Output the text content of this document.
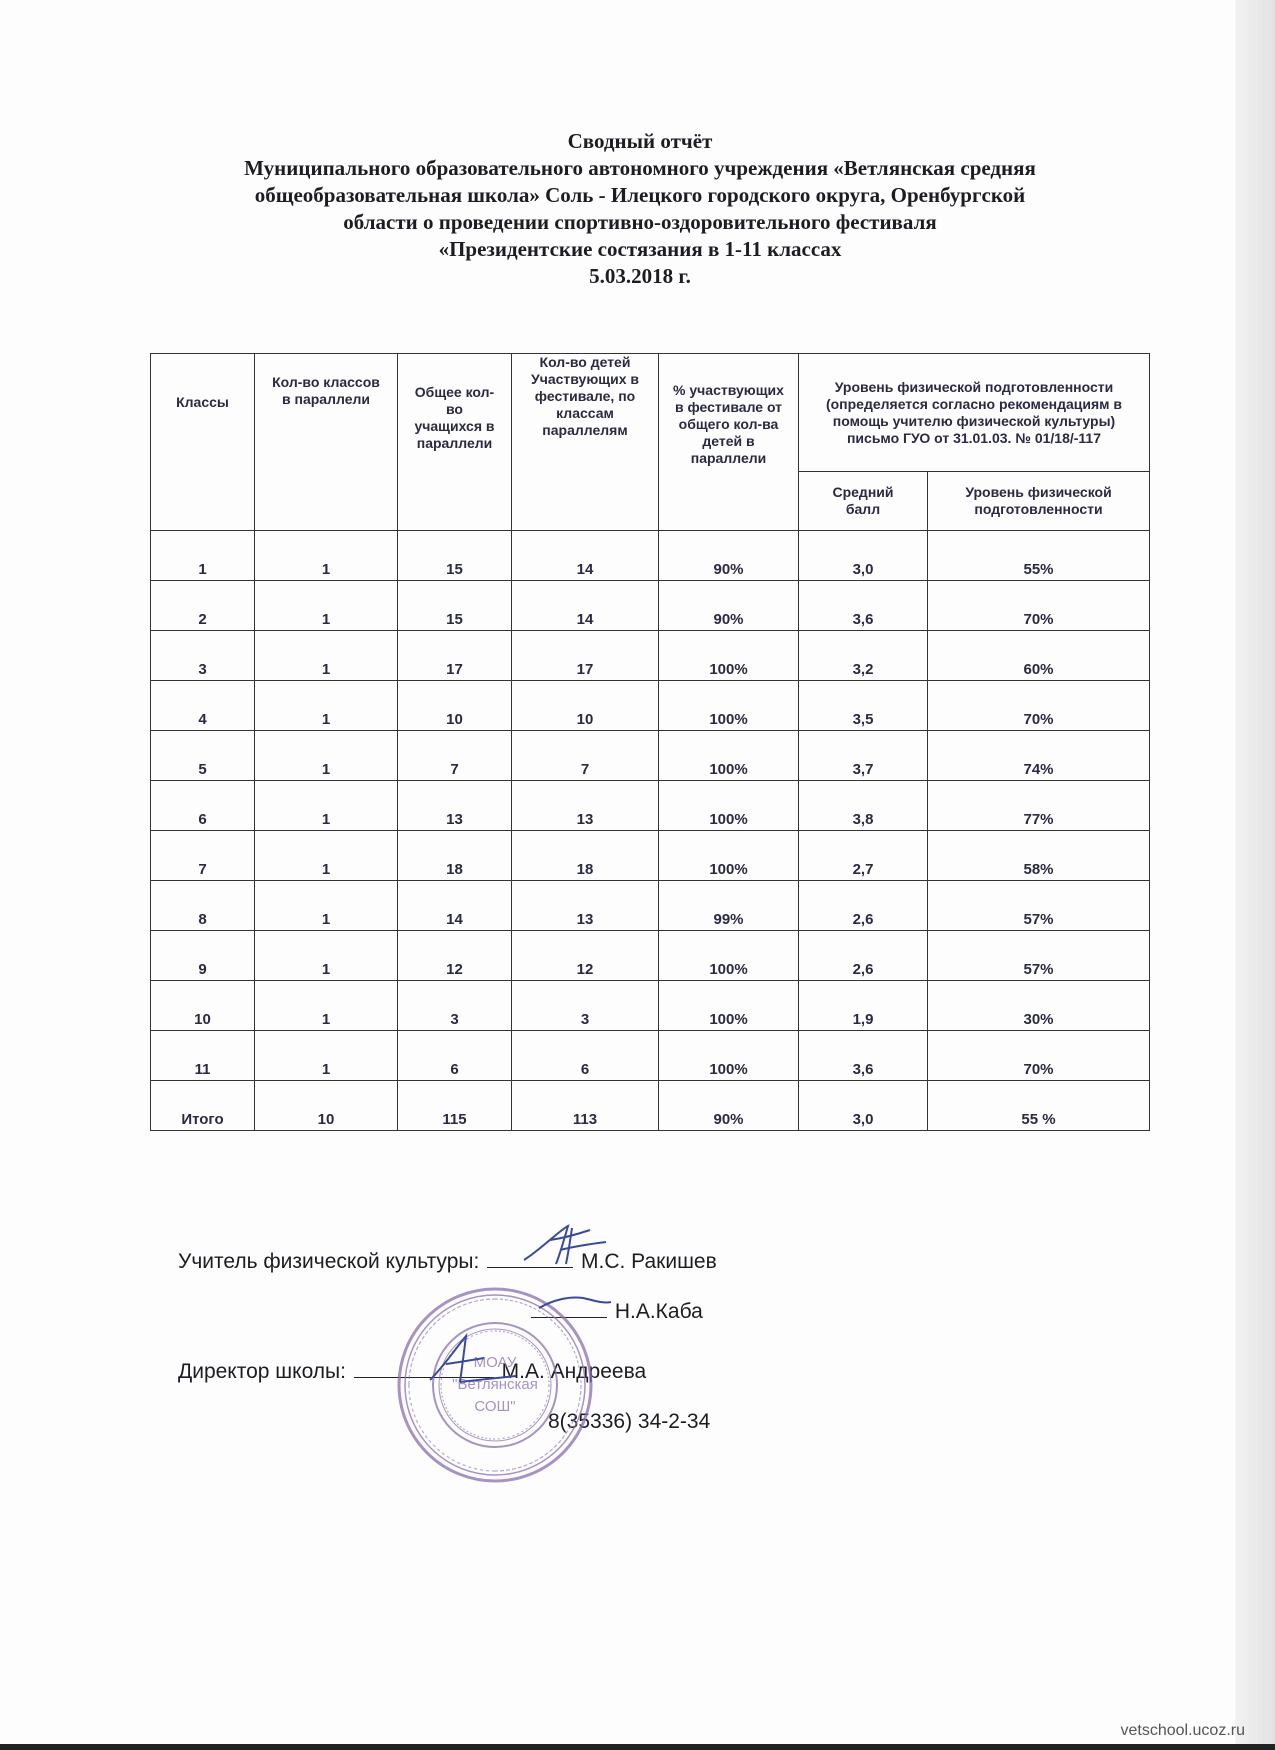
Сводный отчёт
Муниципального образовательного автономного учреждения «Ветлянская средняя
общеобразовательная школа» Соль - Илецкого городского округа, Оренбургской
области о проведении спортивно-оздоровительного фестиваля
«Президентские состязания в 1-11 классах
5.03.2018 г.
Классы	Кол-во классов в параллели	Общее кол-во учащихся в параллели	Кол-во детей Участвующих в фестивале, по классам параллелям	% участвующих в фестивале от общего кол-ва детей в параллели	Уровень физической подготовленности (определяется согласно рекомендациям в помощь учителю физической культуры) письмо ГУО от 31.01.03. № 01/18/-117	
					Средний балл	Уровень физической подготовленности
1	1	15	14	90%	3,0	55%
2	1	15	14	90%	3,6	70%
3	1	17	17	100%	3,2	60%
4	1	10	10	100%	3,5	70%
5	1	7	7	100%	3,7	74%
6	1	13	13	100%	3,8	77%
7	1	18	18	100%	2,7	58%
8	1	14	13	99%	2,6	57%
9	1	12	12	100%	2,6	57%
10	1	3	3	100%	1,9	30%
11	1	6	6	100%	3,6	70%
Итого	10	115	113	90%	3,0	55 %
Учитель физической культуры:	М.С. Ракишев
Н.А.Каба
Директор школы:	М.А. Андреева
8(35336) 34-2-34
МОАУ
"Ветлянская
СОШ"
vetschool.ucoz.ru
